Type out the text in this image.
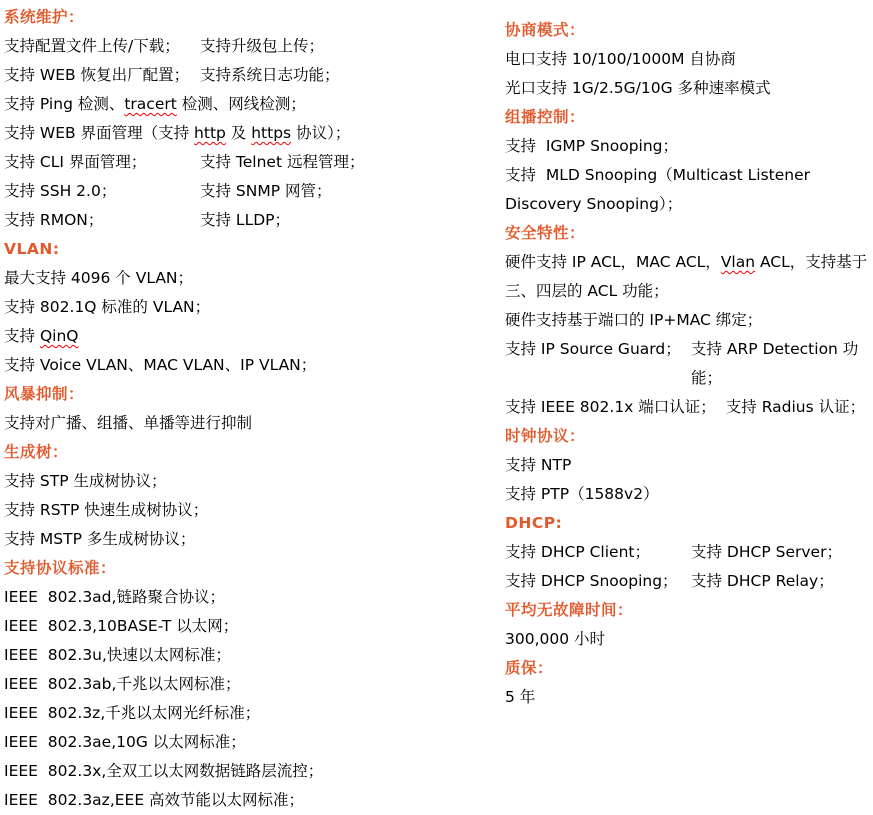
系统维护：
支持配置文件上传/下载；	支持升级包上传；
支持 WEB 恢复出厂配置； 支持系统日志功能；
支持 Ping 检测、tracert 检测、网线检测；
支持 WEB 界面管理（支持 http 及 https 协议）；
支持 CLI 界面管理；	支持 Telnet 远程管理；
支持 SSH 2.0；	支持 SNMP 网管；
支持 RMON；	支持 LLDP；
VLAN:
最大支持 4096 个 VLAN；
支持 802.1Q 标准的 VLAN；
支持 QinQ
支持 Voice VLAN、MAC VLAN、IP VLAN；
风暴抑制：
支持对广播、组播、单播等进行抑制
生成树：
支持 STP 生成树协议；
支持 RSTP 快速生成树协议；
支持 MSTP 多生成树协议；
支持协议标准：
IEEE  802.3ad,链路聚合协议；
IEEE  802.3,10BASE-T 以太网；
IEEE  802.3u,快速以太网标准；
IEEE  802.3ab,千兆以太网标准；
IEEE  802.3z,千兆以太网光纤标准；
IEEE  802.3ae,10G 以太网标准；
IEEE  802.3x,全双工以太网数据链路层流控；
IEEE  802.3az,EEE 高效节能以太网标准；
协商模式：
电口支持 10/100/1000M 自协商
光口支持 1G/2.5G/10G 多种速率模式
组播控制：
支持  IGMP Snooping；
支持  MLD Snooping（Multicast Listener Discovery Snooping）；
安全特性：
硬件支持 IP ACL，MAC ACL，Vlan ACL，支持基于三、四层的 ACL 功能；
硬件支持基于端口的 IP+MAC 绑定；
支持 IP Source Guard； 支持 ARP Detection 功能；
支持 IEEE 802.1x 端口认证； 支持 Radius 认证；
时钟协议：
支持 NTP
支持 PTP（1588v2）
DHCP:
支持 DHCP Client；	支持 DHCP Server；
支持 DHCP Snooping； 支持 DHCP Relay；
平均无故障时间：
300,000 小时
质保：
5 年
